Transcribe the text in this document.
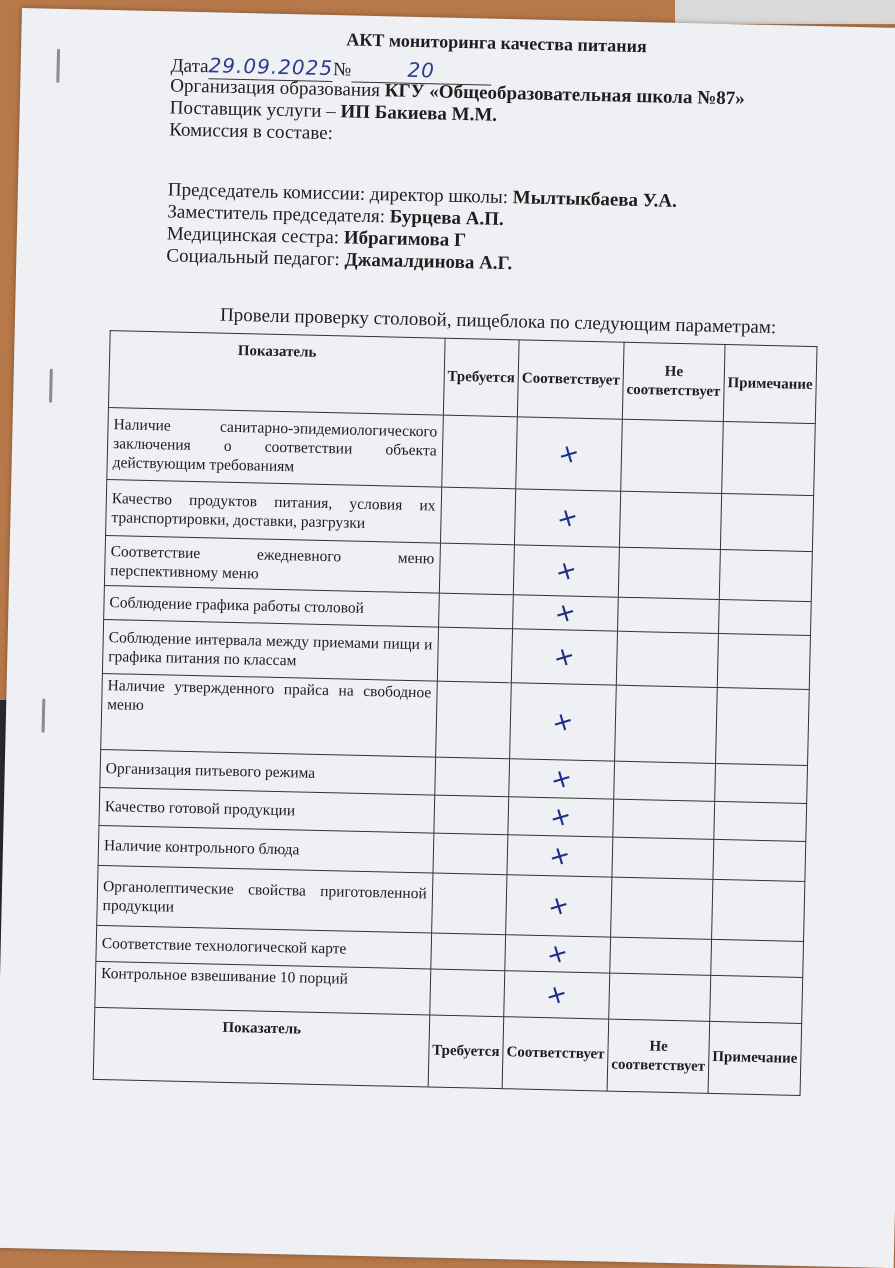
АКТ мониторинга качества питания
Дата29.09.2025№	20
Организация образования КГУ «Общеобразовательная школа №87»
Поставщик услуги – ИП Бакиева М.М.
Комиссия в составе:
Председатель комиссии: директор школы: Мылтыкбаева У.А.
Заместитель председателя: Бурцева А.П.
Медицинская сестра: Ибрагимова Г
Социальный педагог: Джамалдинова А.Г.
Провели проверку столовой, пищеблока по следующим параметрам:
Показатель	Требуется	Соответствует	Не соответствует	Примечание
Наличие санитарно-эпидемиологического заключения о соответствии объекта действующим требованиям		+		
Качество продуктов питания, условия их транспортировки, доставки, разгрузки		+		
Соответствие ежедневного меню перспективному меню		+		
Соблюдение графика работы столовой		+		
Соблюдение интервала между приемами пищи и графика питания по классам		+		
Наличие утвержденного прайса на свободное меню		+		
Организация питьевого режима		+		
Качество готовой продукции		+		
Наличие контрольного блюда		+		
Органолептические свойства приготовленной продукции		+		
Соответствие технологической карте		+		
Контрольное взвешивание 10 порций		+		
Показатель	Требуется	Соответствует	Не соответствует	Примечание
